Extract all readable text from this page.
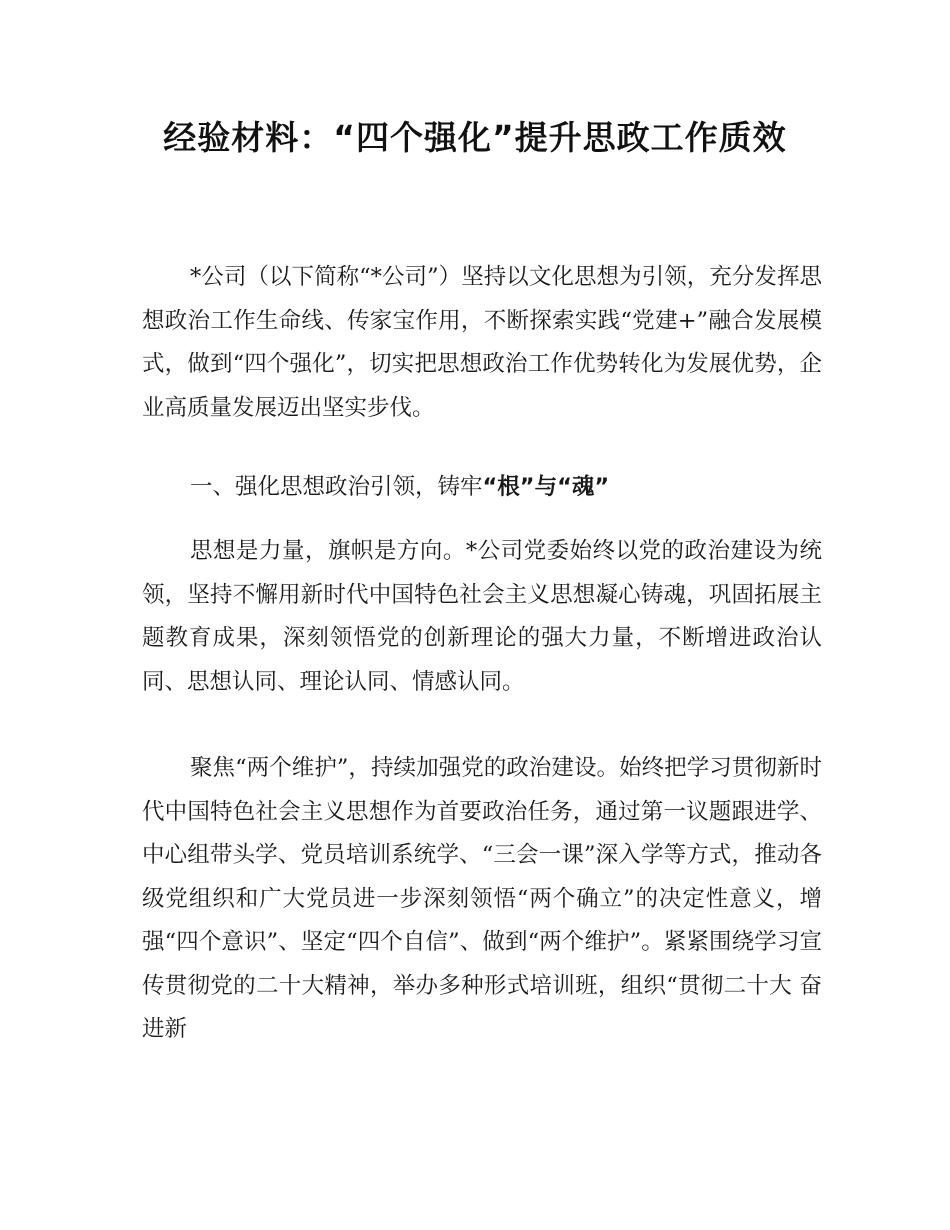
经验材料：“四个强化”提升思政工作质效

*公司（以下简称“*公司”）坚持以文化思想为引领，充分发挥思想政治工作生命线、传家宝作用，不断探索实践“党建+”融合发展模式，做到“四个强化”，切实把思想政治工作优势转化为发展优势，企业高质量发展迈出坚实步伐。

一、强化思想政治引领，铸牢“根”与“魂”

思想是力量，旗帜是方向。*公司党委始终以党的政治建设为统领，坚持不懈用新时代中国特色社会主义思想凝心铸魂，巩固拓展主题教育成果，深刻领悟党的创新理论的强大力量，不断增进政治认同、思想认同、理论认同、情感认同。

聚焦“两个维护”，持续加强党的政治建设。始终把学习贯彻新时代中国特色社会主义思想作为首要政治任务，通过第一议题跟进学、中心组带头学、党员培训系统学、“三会一课”深入学等方式，推动各级党组织和广大党员进一步深刻领悟“两个确立”的决定性意义，增强“四个意识”、坚定“四个自信”、做到“两个维护”。紧紧围绕学习宣传贯彻党的二十大精神，举办多种形式培训班，组织“贯彻二十大 奋进新
